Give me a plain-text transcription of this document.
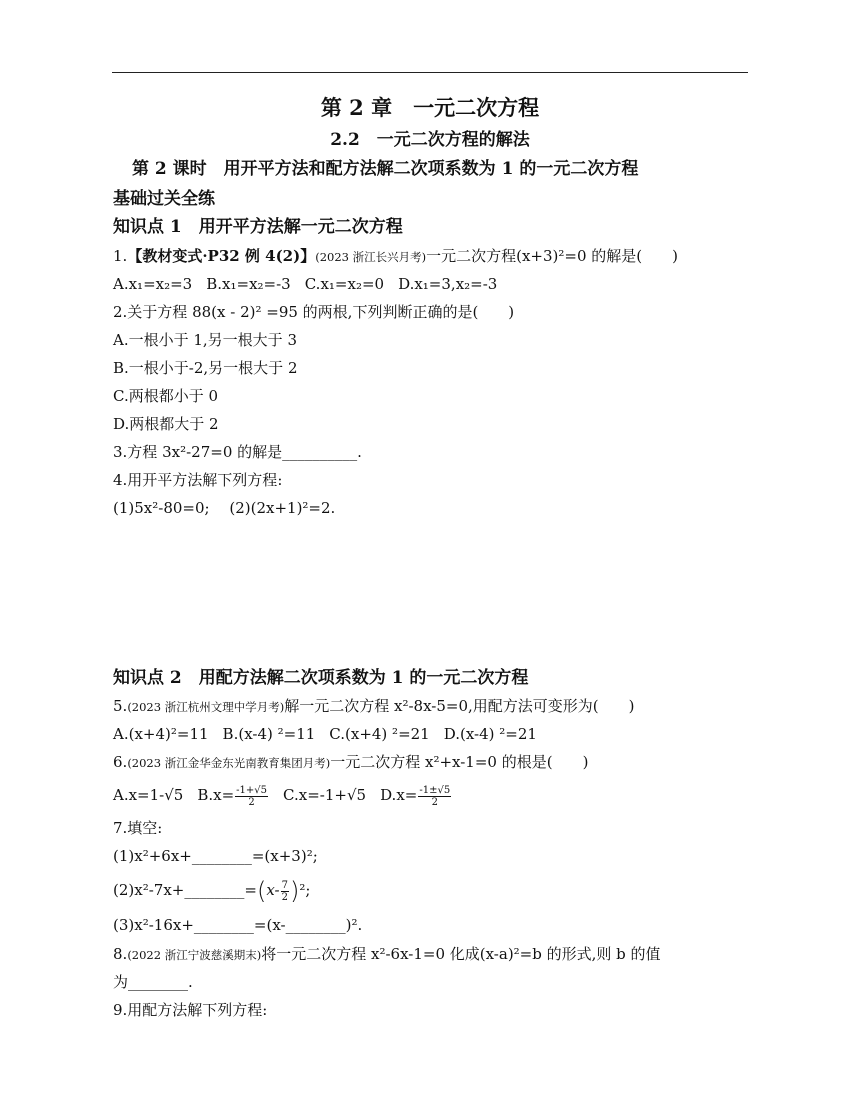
第 2 章　一元二次方程
2.2　一元二次方程的解法
第 2 课时　用开平方法和配方法解二次项系数为 1 的一元二次方程
基础过关全练
知识点 1　用开平方法解一元二次方程
1.【教材变式·P32 例 4(2)】(2023 浙江长兴月考)一元二次方程(x+3)²=0 的解是(　　)
A.x₁=x₂=3 B.x₁=x₂=-3 C.x₁=x₂=0 D.x₁=3,x₂=-3
2.关于方程 88(x - 2)² =95 的两根,下列判断正确的是(　　)
A.一根小于 1,另一根大于 3
B.一根小于-2,另一根大于 2
C.两根都小于 0
D.两根都大于 2
3.方程 3x²-27=0 的解是__________.
4.用开平方法解下列方程:
(1)5x²-80=0;　 (2)(2x+1)²=2.
知识点 2　用配方法解二次项系数为 1 的一元二次方程
5.(2023 浙江杭州文理中学月考)解一元二次方程 x²-8x-5=0,用配方法可变形为(　　)
A.(x+4)²=11 B.(x-4) ²=11 C.(x+4) ²=21 D.(x-4) ²=21
6.(2023 浙江金华金东光南教育集团月考)一元二次方程 x²+x-1=0 的根是(　　)
A.x=1-√5 $B.x= \frac{-1+√5}{2} C.x=-1+√5$ $D.x= \frac{-1\pm√5}{2}$
7.填空:
(1)x²+6x+________=(x+3)²;
(2)x²-7x+________=(x- $\frac{7}{2} )^2$;
(3)x²-16x+________=(x-________)².
8.(2022 浙江宁波慈溪期末)将一元二次方程 x²-6x-1=0 化成(x-a)²=b 的形式,则 b 的值
为________.
9.用配方法解下列方程:
